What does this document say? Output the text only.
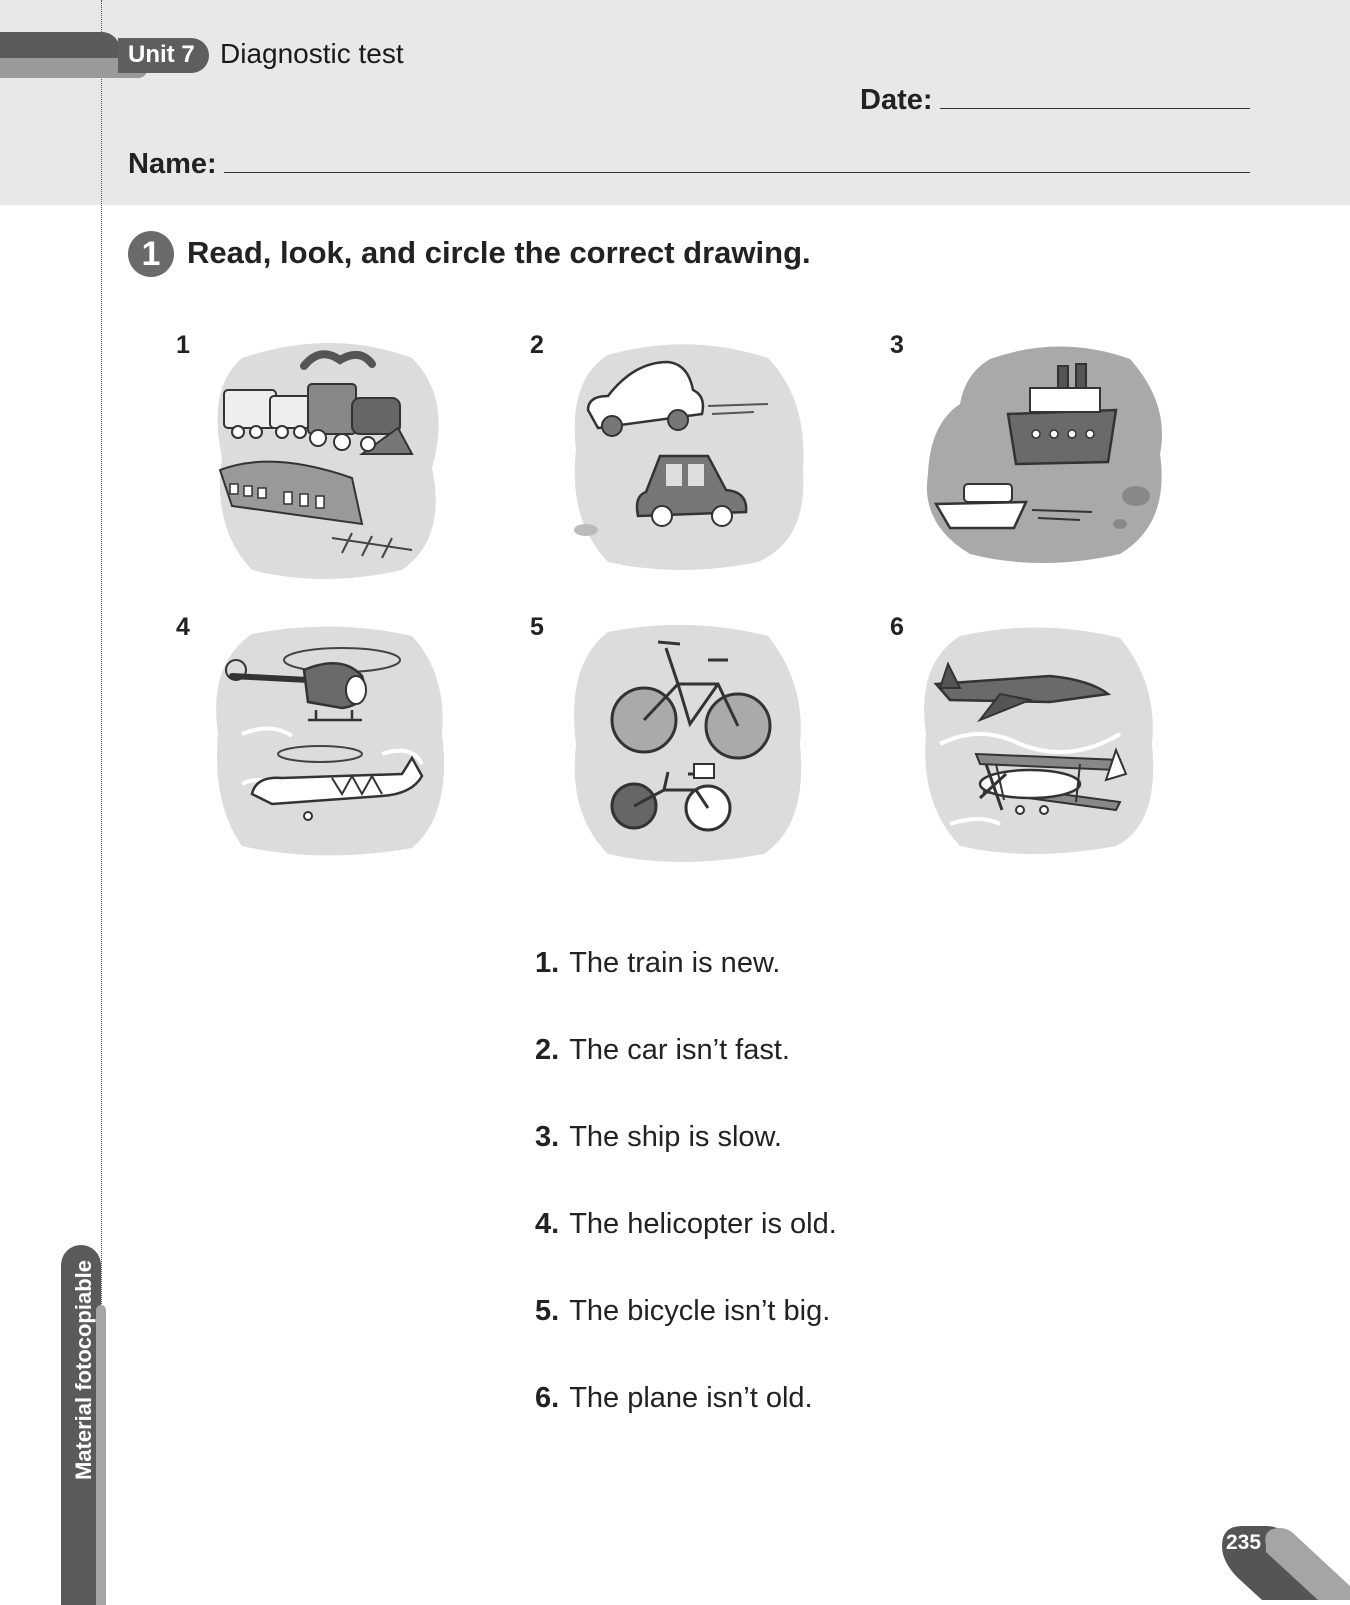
Unit 7 Diagnostic test
Date:
Name:
1 Read, look, and circle the correct drawing.
1	2	3
4	5	6
1. The train is new.
2. The car isn’t fast.
3. The ship is slow.
4. The helicopter is old.
5. The bicycle isn’t big.
6. The plane isn’t old.
Material fotocopiable
235
